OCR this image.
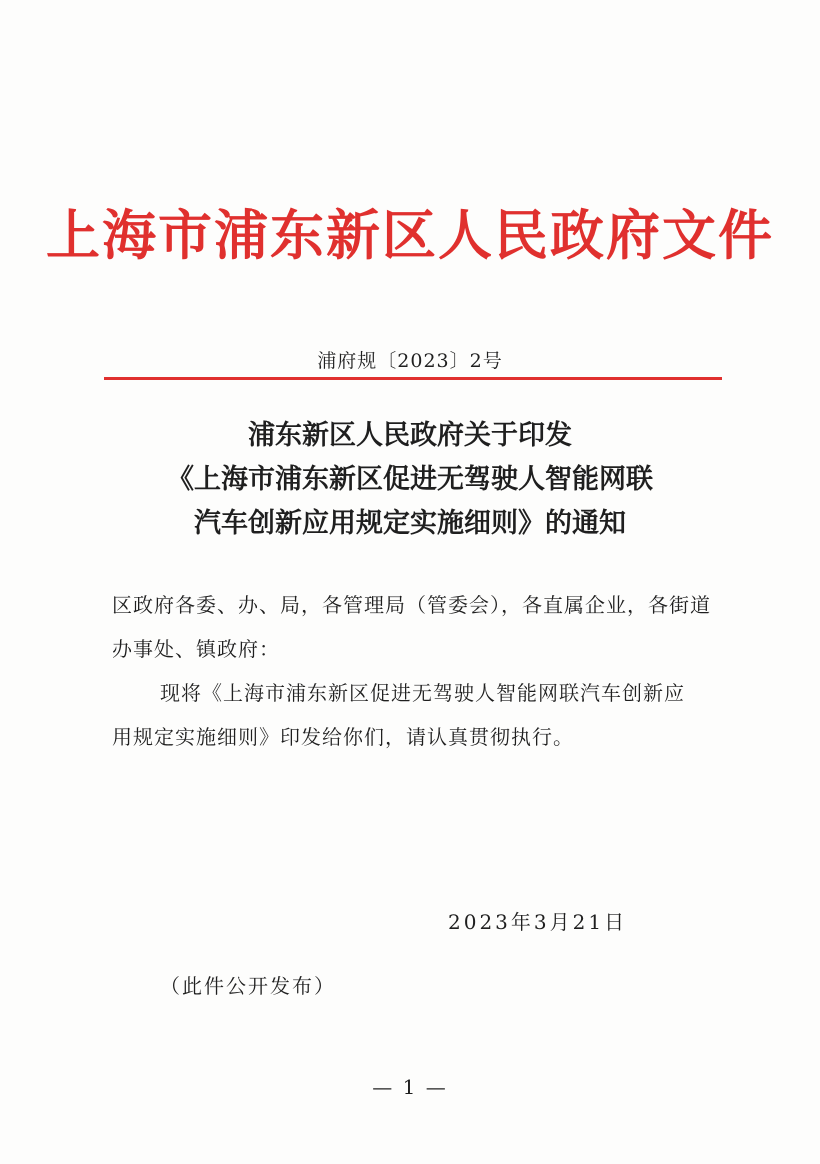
上海市浦东新区人民政府文件
浦府规〔2023〕2号
浦东新区人民政府关于印发
《上海市浦东新区促进无驾驶人智能网联
汽车创新应用规定实施细则》的通知
区政府各委、办、局，各管理局（管委会），各直属企业，各街道
办事处、镇政府：
现将《上海市浦东新区促进无驾驶人智能网联汽车创新应
用规定实施细则》印发给你们，请认真贯彻执行。
2023年3月21日
（此件公开发布）
— 1 —
